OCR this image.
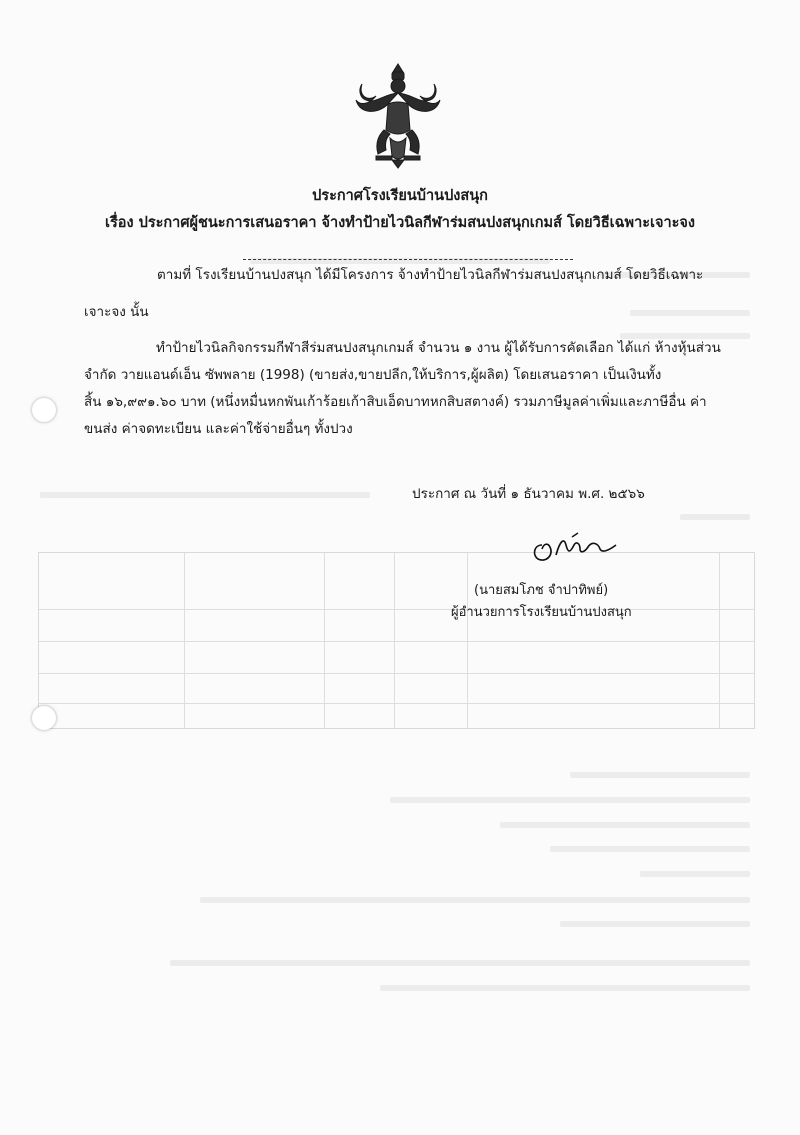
ประกาศโรงเรียนบ้านปงสนุก
เรื่อง ประกาศผู้ชนะการเสนอราคา จ้างทำป้ายไวนิลกีฬาร่มสนปงสนุกเกมส์ โดยวิธีเฉพาะเจาะจง
ตามที่ โรงเรียนบ้านปงสนุก ได้มีโครงการ จ้างทำป้ายไวนิลกีฬาร่มสนปงสนุกเกมส์ โดยวิธีเฉพาะ
เจาะจง นั้น
ทำป้ายไวนิลกิจกรรมกีฬาสีร่มสนปงสนุกเกมส์ จำนวน ๑ งาน ผู้ได้รับการคัดเลือก ได้แก่ ห้างหุ้นส่วน
จำกัด วายแอนด์เอ็น ซัพพลาย (1998) (ขายส่ง,ขายปลีก,ให้บริการ,ผู้ผลิต) โดยเสนอราคา เป็นเงินทั้ง
สิ้น ๑๖,๙๙๑.๖๐ บาท (หนึ่งหมื่นหกพันเก้าร้อยเก้าสิบเอ็ดบาทหกสิบสตางค์) รวมภาษีมูลค่าเพิ่มและภาษีอื่น ค่า
ขนส่ง ค่าจดทะเบียน และค่าใช้จ่ายอื่นๆ ทั้งปวง
ประกาศ ณ วันที่ ๑ ธันวาคม พ.ศ. ๒๕๖๖
(นายสมโภช จำปาทิพย์)
ผู้อำนวยการโรงเรียนบ้านปงสนุก
